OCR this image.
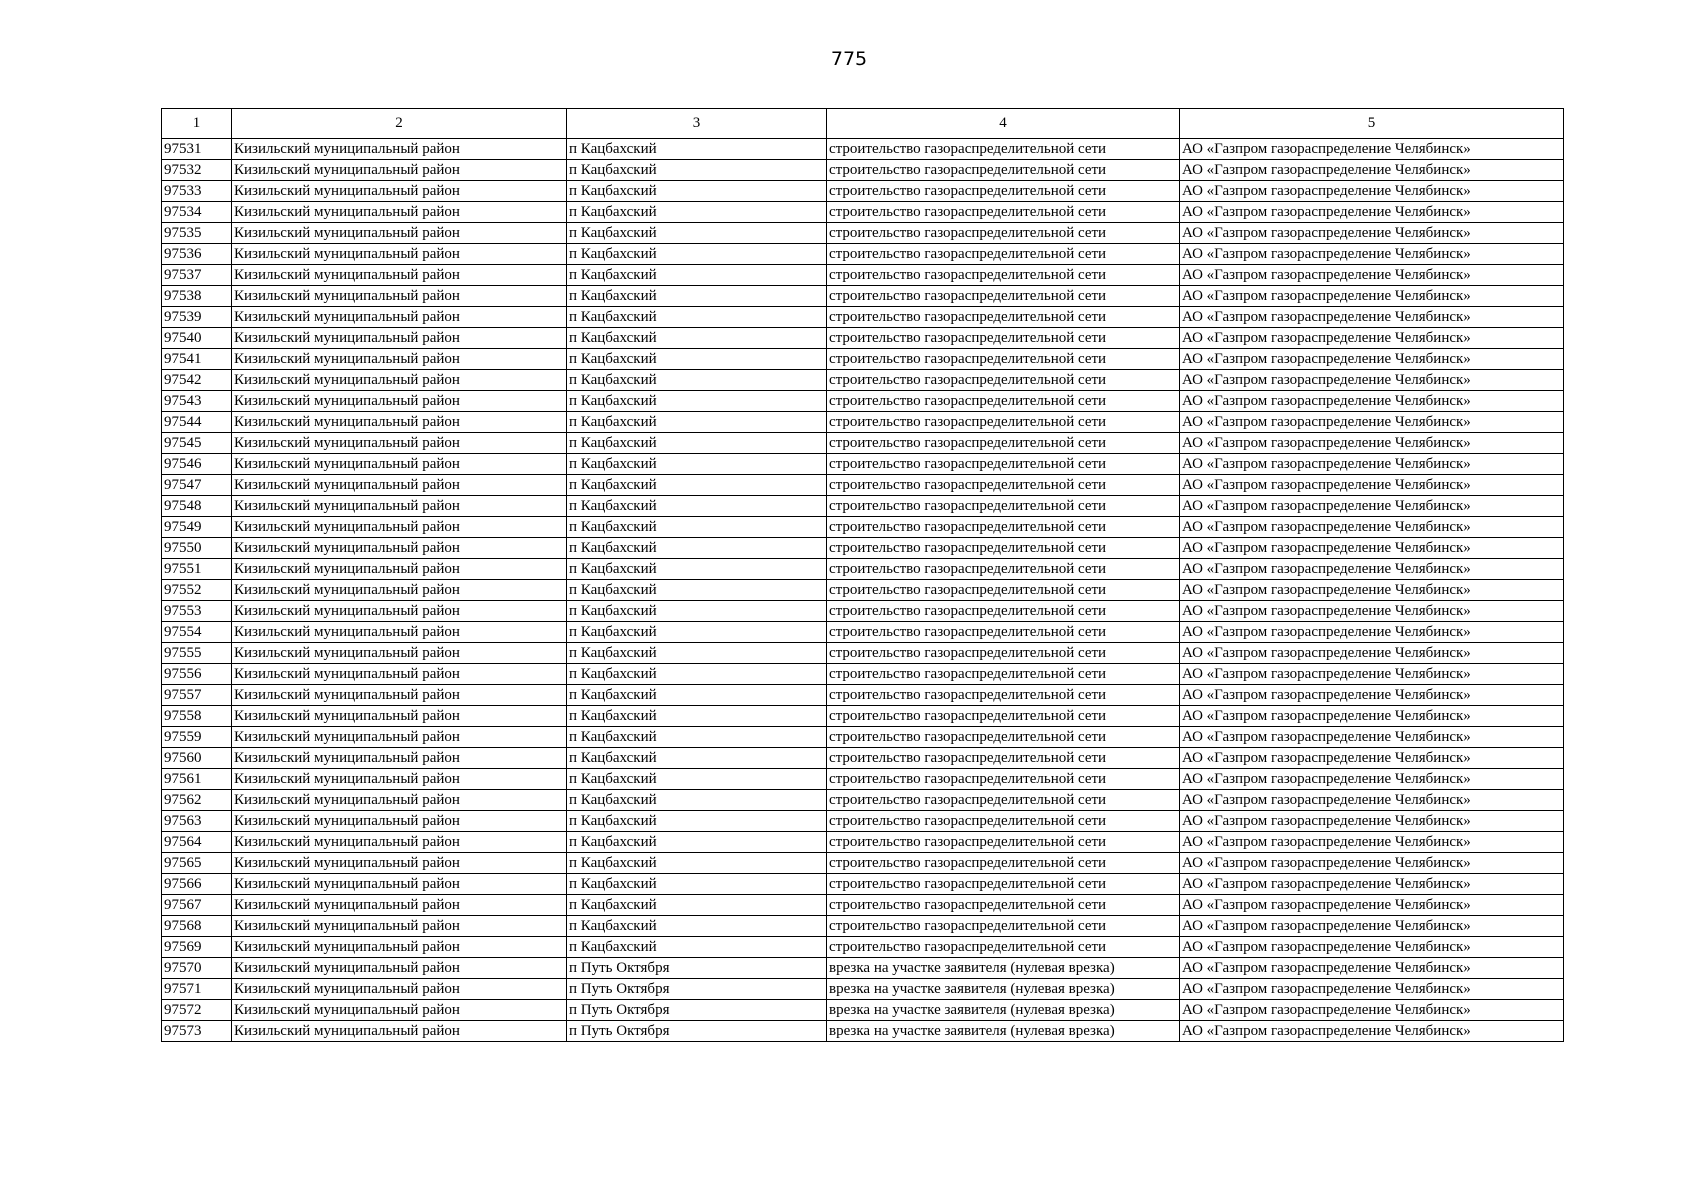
775
1	2	3	4	5
97531	Кизильский муниципальный район	п Кацбахский	строительство газораспределительной сети	АО «Газпром газораспределение Челябинск»
97532	Кизильский муниципальный район	п Кацбахский	строительство газораспределительной сети	АО «Газпром газораспределение Челябинск»
97533	Кизильский муниципальный район	п Кацбахский	строительство газораспределительной сети	АО «Газпром газораспределение Челябинск»
97534	Кизильский муниципальный район	п Кацбахский	строительство газораспределительной сети	АО «Газпром газораспределение Челябинск»
97535	Кизильский муниципальный район	п Кацбахский	строительство газораспределительной сети	АО «Газпром газораспределение Челябинск»
97536	Кизильский муниципальный район	п Кацбахский	строительство газораспределительной сети	АО «Газпром газораспределение Челябинск»
97537	Кизильский муниципальный район	п Кацбахский	строительство газораспределительной сети	АО «Газпром газораспределение Челябинск»
97538	Кизильский муниципальный район	п Кацбахский	строительство газораспределительной сети	АО «Газпром газораспределение Челябинск»
97539	Кизильский муниципальный район	п Кацбахский	строительство газораспределительной сети	АО «Газпром газораспределение Челябинск»
97540	Кизильский муниципальный район	п Кацбахский	строительство газораспределительной сети	АО «Газпром газораспределение Челябинск»
97541	Кизильский муниципальный район	п Кацбахский	строительство газораспределительной сети	АО «Газпром газораспределение Челябинск»
97542	Кизильский муниципальный район	п Кацбахский	строительство газораспределительной сети	АО «Газпром газораспределение Челябинск»
97543	Кизильский муниципальный район	п Кацбахский	строительство газораспределительной сети	АО «Газпром газораспределение Челябинск»
97544	Кизильский муниципальный район	п Кацбахский	строительство газораспределительной сети	АО «Газпром газораспределение Челябинск»
97545	Кизильский муниципальный район	п Кацбахский	строительство газораспределительной сети	АО «Газпром газораспределение Челябинск»
97546	Кизильский муниципальный район	п Кацбахский	строительство газораспределительной сети	АО «Газпром газораспределение Челябинск»
97547	Кизильский муниципальный район	п Кацбахский	строительство газораспределительной сети	АО «Газпром газораспределение Челябинск»
97548	Кизильский муниципальный район	п Кацбахский	строительство газораспределительной сети	АО «Газпром газораспределение Челябинск»
97549	Кизильский муниципальный район	п Кацбахский	строительство газораспределительной сети	АО «Газпром газораспределение Челябинск»
97550	Кизильский муниципальный район	п Кацбахский	строительство газораспределительной сети	АО «Газпром газораспределение Челябинск»
97551	Кизильский муниципальный район	п Кацбахский	строительство газораспределительной сети	АО «Газпром газораспределение Челябинск»
97552	Кизильский муниципальный район	п Кацбахский	строительство газораспределительной сети	АО «Газпром газораспределение Челябинск»
97553	Кизильский муниципальный район	п Кацбахский	строительство газораспределительной сети	АО «Газпром газораспределение Челябинск»
97554	Кизильский муниципальный район	п Кацбахский	строительство газораспределительной сети	АО «Газпром газораспределение Челябинск»
97555	Кизильский муниципальный район	п Кацбахский	строительство газораспределительной сети	АО «Газпром газораспределение Челябинск»
97556	Кизильский муниципальный район	п Кацбахский	строительство газораспределительной сети	АО «Газпром газораспределение Челябинск»
97557	Кизильский муниципальный район	п Кацбахский	строительство газораспределительной сети	АО «Газпром газораспределение Челябинск»
97558	Кизильский муниципальный район	п Кацбахский	строительство газораспределительной сети	АО «Газпром газораспределение Челябинск»
97559	Кизильский муниципальный район	п Кацбахский	строительство газораспределительной сети	АО «Газпром газораспределение Челябинск»
97560	Кизильский муниципальный район	п Кацбахский	строительство газораспределительной сети	АО «Газпром газораспределение Челябинск»
97561	Кизильский муниципальный район	п Кацбахский	строительство газораспределительной сети	АО «Газпром газораспределение Челябинск»
97562	Кизильский муниципальный район	п Кацбахский	строительство газораспределительной сети	АО «Газпром газораспределение Челябинск»
97563	Кизильский муниципальный район	п Кацбахский	строительство газораспределительной сети	АО «Газпром газораспределение Челябинск»
97564	Кизильский муниципальный район	п Кацбахский	строительство газораспределительной сети	АО «Газпром газораспределение Челябинск»
97565	Кизильский муниципальный район	п Кацбахский	строительство газораспределительной сети	АО «Газпром газораспределение Челябинск»
97566	Кизильский муниципальный район	п Кацбахский	строительство газораспределительной сети	АО «Газпром газораспределение Челябинск»
97567	Кизильский муниципальный район	п Кацбахский	строительство газораспределительной сети	АО «Газпром газораспределение Челябинск»
97568	Кизильский муниципальный район	п Кацбахский	строительство газораспределительной сети	АО «Газпром газораспределение Челябинск»
97569	Кизильский муниципальный район	п Кацбахский	строительство газораспределительной сети	АО «Газпром газораспределение Челябинск»
97570	Кизильский муниципальный район	п Путь Октября	врезка на участке заявителя (нулевая врезка)	АО «Газпром газораспределение Челябинск»
97571	Кизильский муниципальный район	п Путь Октября	врезка на участке заявителя (нулевая врезка)	АО «Газпром газораспределение Челябинск»
97572	Кизильский муниципальный район	п Путь Октября	врезка на участке заявителя (нулевая врезка)	АО «Газпром газораспределение Челябинск»
97573	Кизильский муниципальный район	п Путь Октября	врезка на участке заявителя (нулевая врезка)	АО «Газпром газораспределение Челябинск»
